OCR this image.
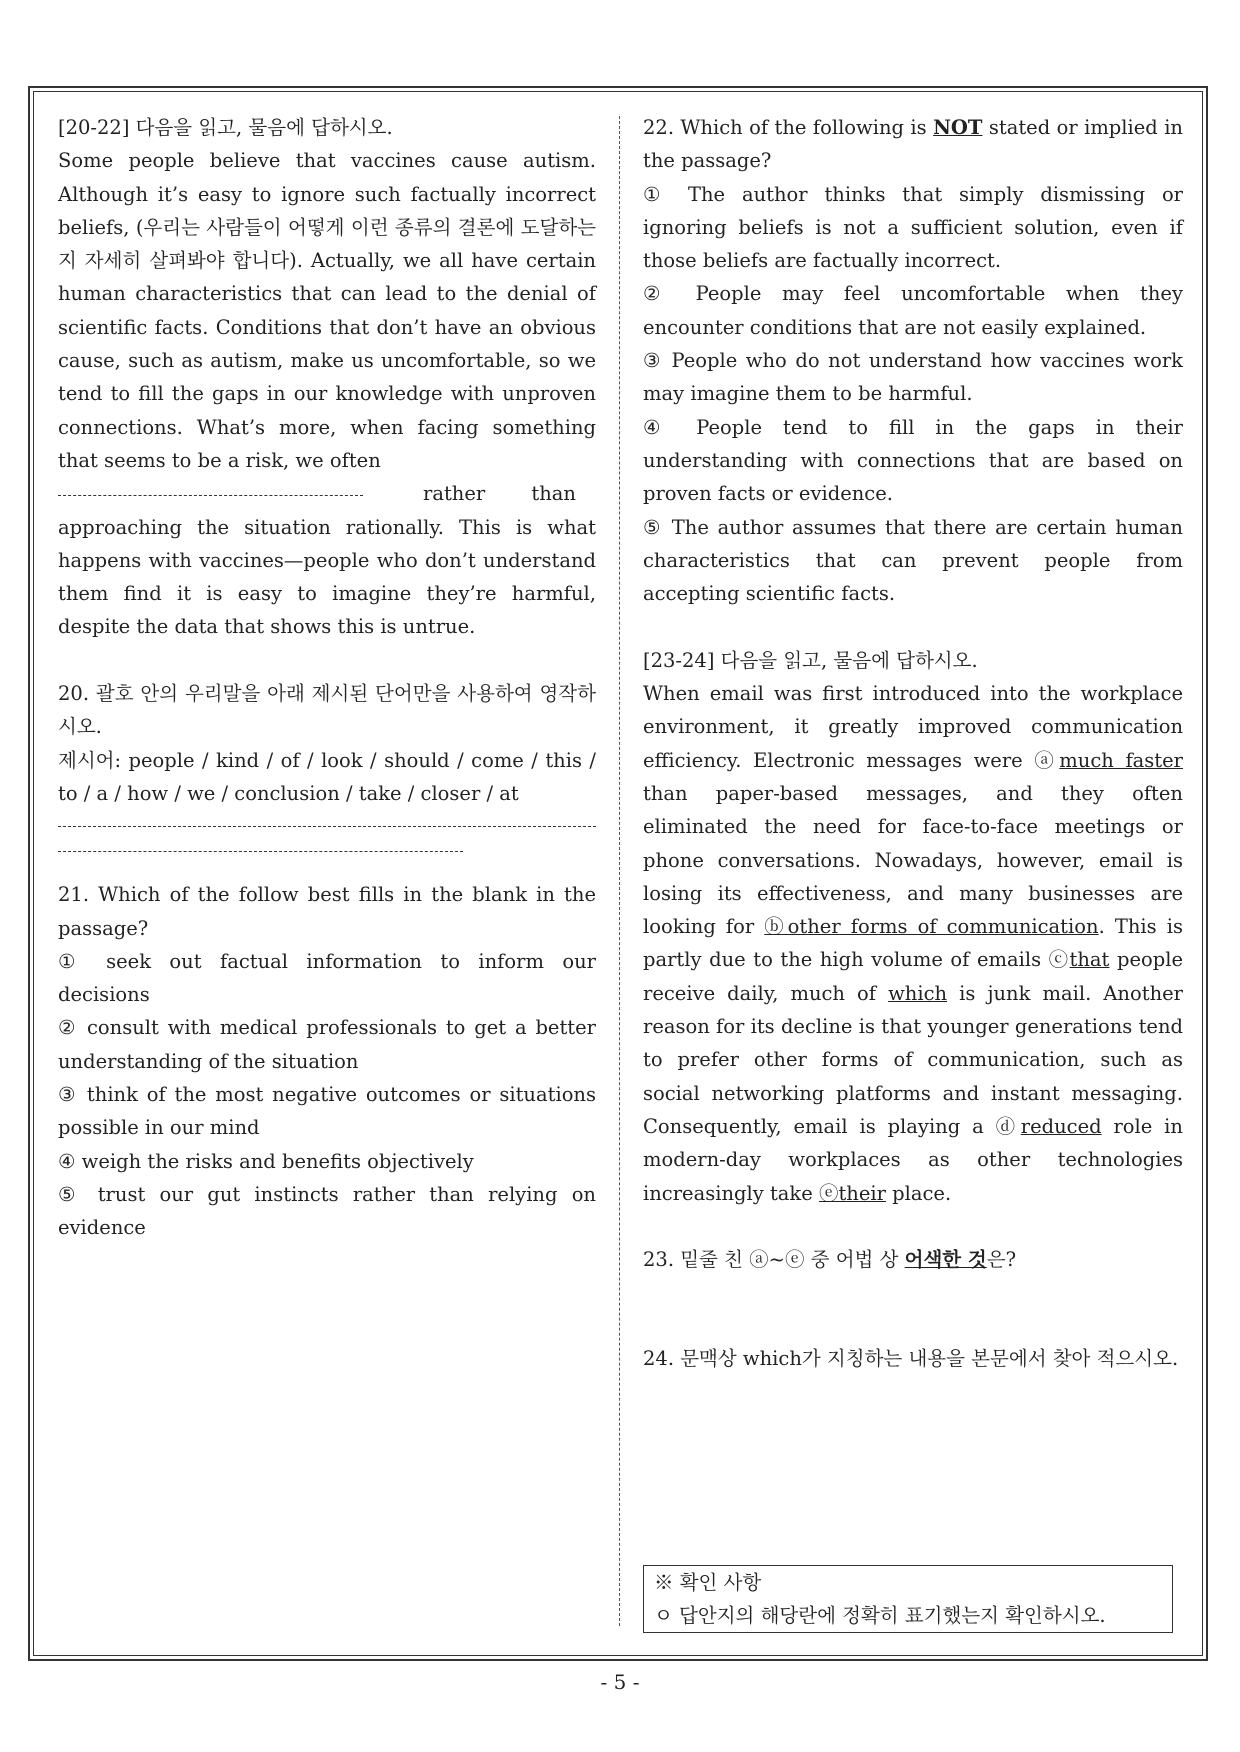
[20-22] 다음을 읽고, 물음에 답하시오.

Some people believe that vaccines cause autism. Although it’s easy to ignore such factually incorrect beliefs, (우리는 사람들이 어떻게 이런 종류의 결론에 도달하는지 자세히 살펴봐야 합니다). Actually, we all have certain human characteristics that can lead to the denial of scientific facts. Conditions that don’t have an obvious cause, such as autism, make us uncomfortable, so we tend to fill the gaps in our knowledge with unproven connections. What’s more, when facing something that seems to be a risk, we often

rather than

approaching the situation rationally. This is what happens with vaccines—people who don’t understand them find it is easy to imagine they’re harmful, despite the data that shows this is untrue.

20. 괄호 안의 우리말을 아래 제시된 단어만을 사용하여 영작하시오.

제시어: people / kind / of / look / should / come / this / to / a / how / we / conclusion / take / closer / at

21. Which of the follow best fills in the blank in the passage?

① seek out factual information to inform our decisions

② consult with medical professionals to get a better understanding of the situation

③ think of the most negative outcomes or situations possible in our mind

④ weigh the risks and benefits objectively

⑤ trust our gut instincts rather than relying on evidence

22. Which of the following is NOT stated or implied in the passage?

① The author thinks that simply dismissing or ignoring beliefs is not a sufficient solution, even if those beliefs are factually incorrect.

② People may feel uncomfortable when they encounter conditions that are not easily explained.

③ People who do not understand how vaccines work may imagine them to be harmful.

④ People tend to fill in the gaps in their understanding with connections that are based on proven facts or evidence.

⑤ The author assumes that there are certain human characteristics that can prevent people from accepting scientific facts.

[23-24] 다음을 읽고, 물음에 답하시오.

When email was first introduced into the workplace environment, it greatly improved communication efficiency. Electronic messages were ⓐmuch faster than paper-based messages, and they often eliminated the need for face-to-face meetings or phone conversations. Nowadays, however, email is losing its effectiveness, and many businesses are looking for ⓑother forms of communication. This is partly due to the high volume of emails ⓒthat people receive daily, much of which is junk mail. Another reason for its decline is that younger generations tend to prefer other forms of communication, such as social networking platforms and instant messaging. Consequently, email is playing a ⓓreduced role in modern-day workplaces as other technologies increasingly take ⓔtheir place.

23. 밑줄 친 ⓐ~ⓔ 중 어법 상 어색한 것은?

24. 문맥상 which가 지칭하는 내용을 본문에서 찾아 적으시오.

※ 확인 사항
ㅇ 답안지의 해당란에 정확히 표기했는지 확인하시오.
- 5 -
